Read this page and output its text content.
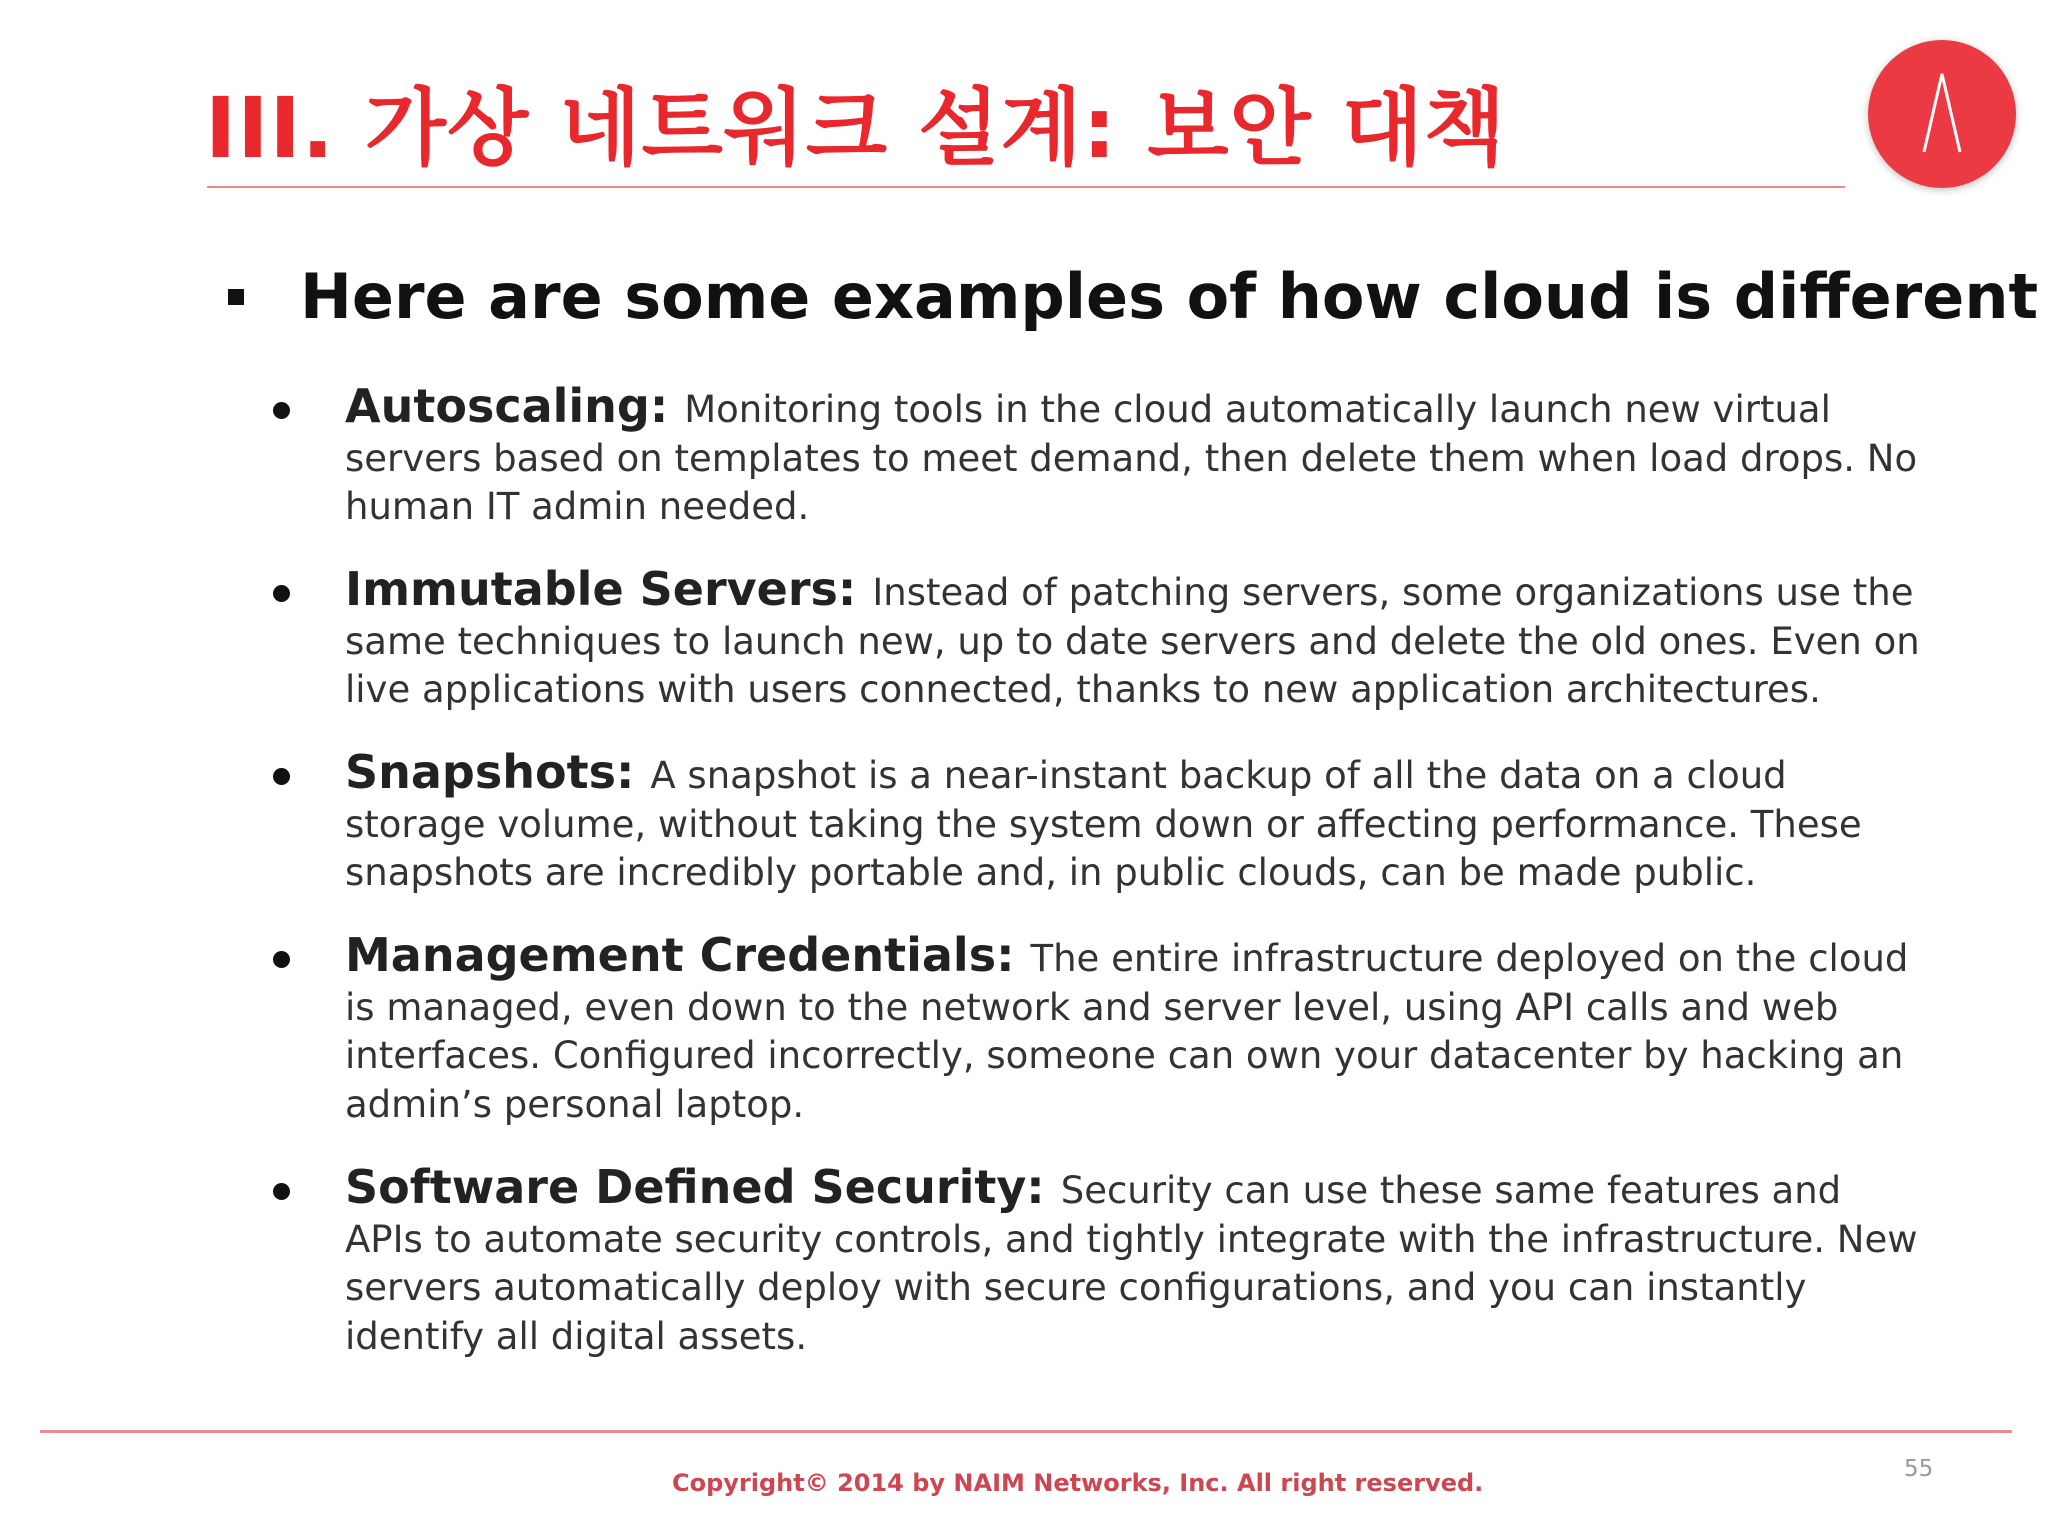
III. 가상 네트워크 설계: 보안 대책
Here are some examples of how cloud is different
Autoscaling: Monitoring tools in the cloud automatically launch new virtual servers based on templates to meet demand, then delete them when load drops. No human IT admin needed.
Immutable Servers: Instead of patching servers, some organizations use the same techniques to launch new, up to date servers and delete the old ones. Even on live applications with users connected, thanks to new application architectures.
Snapshots: A snapshot is a near-instant backup of all the data on a cloud storage volume, without taking the system down or affecting performance. These snapshots are incredibly portable and, in public clouds, can be made public.
Management Credentials: The entire infrastructure deployed on the cloud is managed, even down to the network and server level, using API calls and web interfaces. Configured incorrectly, someone can own your datacenter by hacking an admin’s personal laptop.
Software Defined Security: Security can use these same features and APIs to automate security controls, and tightly integrate with the infrastructure. New servers automatically deploy with secure configurations, and you can instantly identify all digital assets.
Copyright© 2014 by NAIM Networks, Inc. All right reserved.	55
